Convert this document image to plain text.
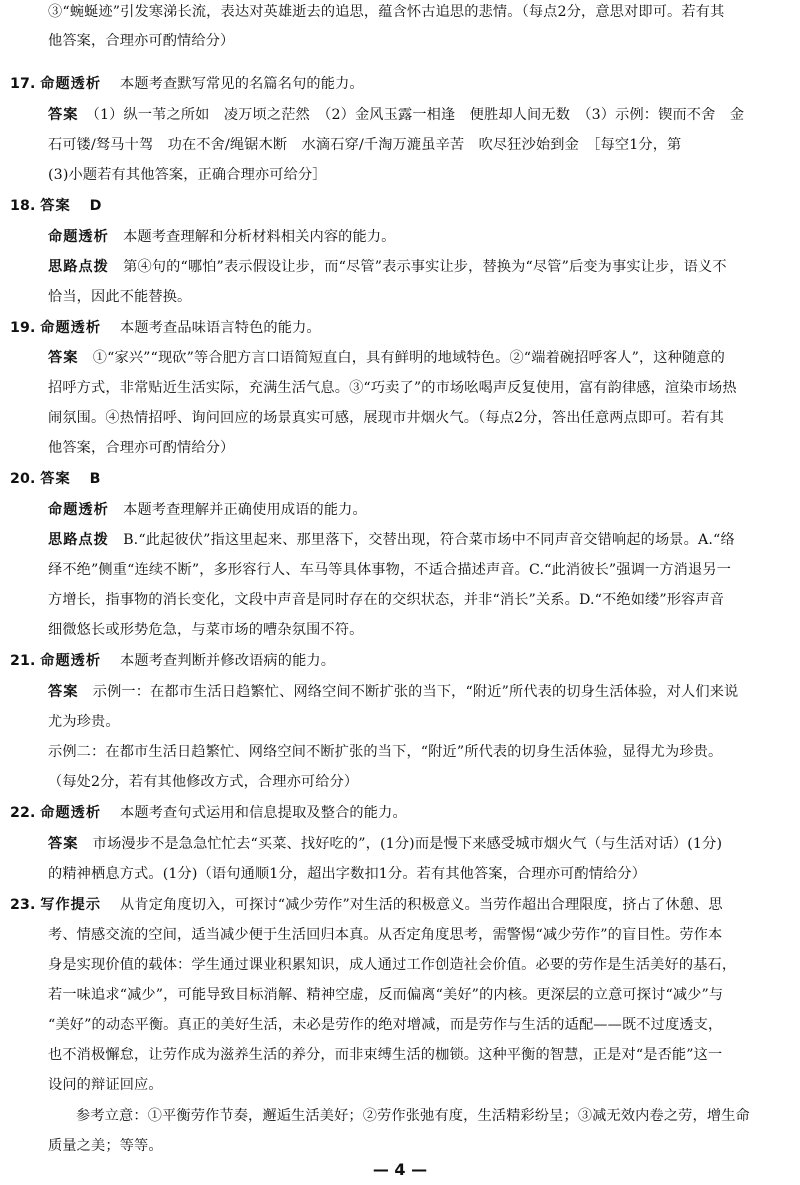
③“蜿蜒迹”引发寒涕长流，表达对英雄逝去的追思，蕴含怀古追思的悲情。（每点2分，意思对即可。若有其
他答案，合理亦可酌情给分）
17. 命题透析　 本题考查默写常见的名篇名句的能力。
答案　 （1）纵一苇之所如　凌万顷之茫然　（2）金风玉露一相逢　便胜却人间无数　（3）示例：锲而不舍　金
石可镂/驽马十驾　功在不舍/绳锯木断　水滴石穿/千淘万漉虽辛苦　吹尽狂沙始到金　［每空1分，第
(3)小题若有其他答案，正确合理亦可给分］
18. 答案　 D
命题透析　 本题考查理解和分析材料相关内容的能力。
思路点拨　 第④句的“哪怕”表示假设让步，而“尽管”表示事实让步，替换为“尽管”后变为事实让步，语义不
恰当，因此不能替换。
19. 命题透析　 本题考查品味语言特色的能力。
答案　 ①“家兴”“现砍”等合肥方言口语简短直白，具有鲜明的地域特色。②“端着碗招呼客人”，这种随意的
招呼方式，非常贴近生活实际，充满生活气息。③“巧卖了”的市场吆喝声反复使用，富有韵律感，渲染市场热
闹氛围。④热情招呼、询问回应的场景真实可感，展现市井烟火气。（每点2分，答出任意两点即可。若有其
他答案，合理亦可酌情给分）
20. 答案　 B
命题透析　 本题考查理解并正确使用成语的能力。
思路点拨　 B.“此起彼伏”指这里起来、那里落下，交替出现，符合菜市场中不同声音交错响起的场景。A.“络
绎不绝”侧重“连续不断”，多形容行人、车马等具体事物，不适合描述声音。C.“此消彼长”强调一方消退另一
方增长，指事物的消长变化，文段中声音是同时存在的交织状态，并非“消长”关系。D.“不绝如缕”形容声音
细微悠长或形势危急，与菜市场的嘈杂氛围不符。
21. 命题透析　 本题考查判断并修改语病的能力。
答案　 示例一：在都市生活日趋繁忙、网络空间不断扩张的当下，“附近”所代表的切身生活体验，对人们来说
尤为珍贵。
示例二：在都市生活日趋繁忙、网络空间不断扩张的当下，“附近”所代表的切身生活体验，显得尤为珍贵。
（每处2分，若有其他修改方式，合理亦可给分）
22. 命题透析　 本题考查句式运用和信息提取及整合的能力。
答案　 市场漫步不是急急忙忙去“买菜、找好吃的”，(1分)而是慢下来感受城市烟火气（与生活对话）(1分)
的精神栖息方式。(1分)（语句通顺1分，超出字数扣1分。若有其他答案，合理亦可酌情给分）
23. 写作提示　 从肯定角度切入，可探讨“减少劳作”对生活的积极意义。当劳作超出合理限度，挤占了休憩、思
考、情感交流的空间，适当减少便于生活回归本真。从否定角度思考，需警惕“减少劳作”的盲目性。劳作本
身是实现价值的载体：学生通过课业积累知识，成人通过工作创造社会价值。必要的劳作是生活美好的基石，
若一味追求“减少”，可能导致目标消解、精神空虚，反而偏离“美好”的内核。更深层的立意可探讨“减少”与
“美好”的动态平衡。真正的美好生活，未必是劳作的绝对增减，而是劳作与生活的适配——既不过度透支，
也不消极懈怠，让劳作成为滋养生活的养分，而非束缚生活的枷锁。这种平衡的智慧，正是对“是否能”这一
设问的辩证回应。
参考立意：①平衡劳作节奏，邂逅生活美好；②劳作张弛有度，生活精彩纷呈；③减无效内卷之劳，增生命
质量之美；等等。
— 4 —
